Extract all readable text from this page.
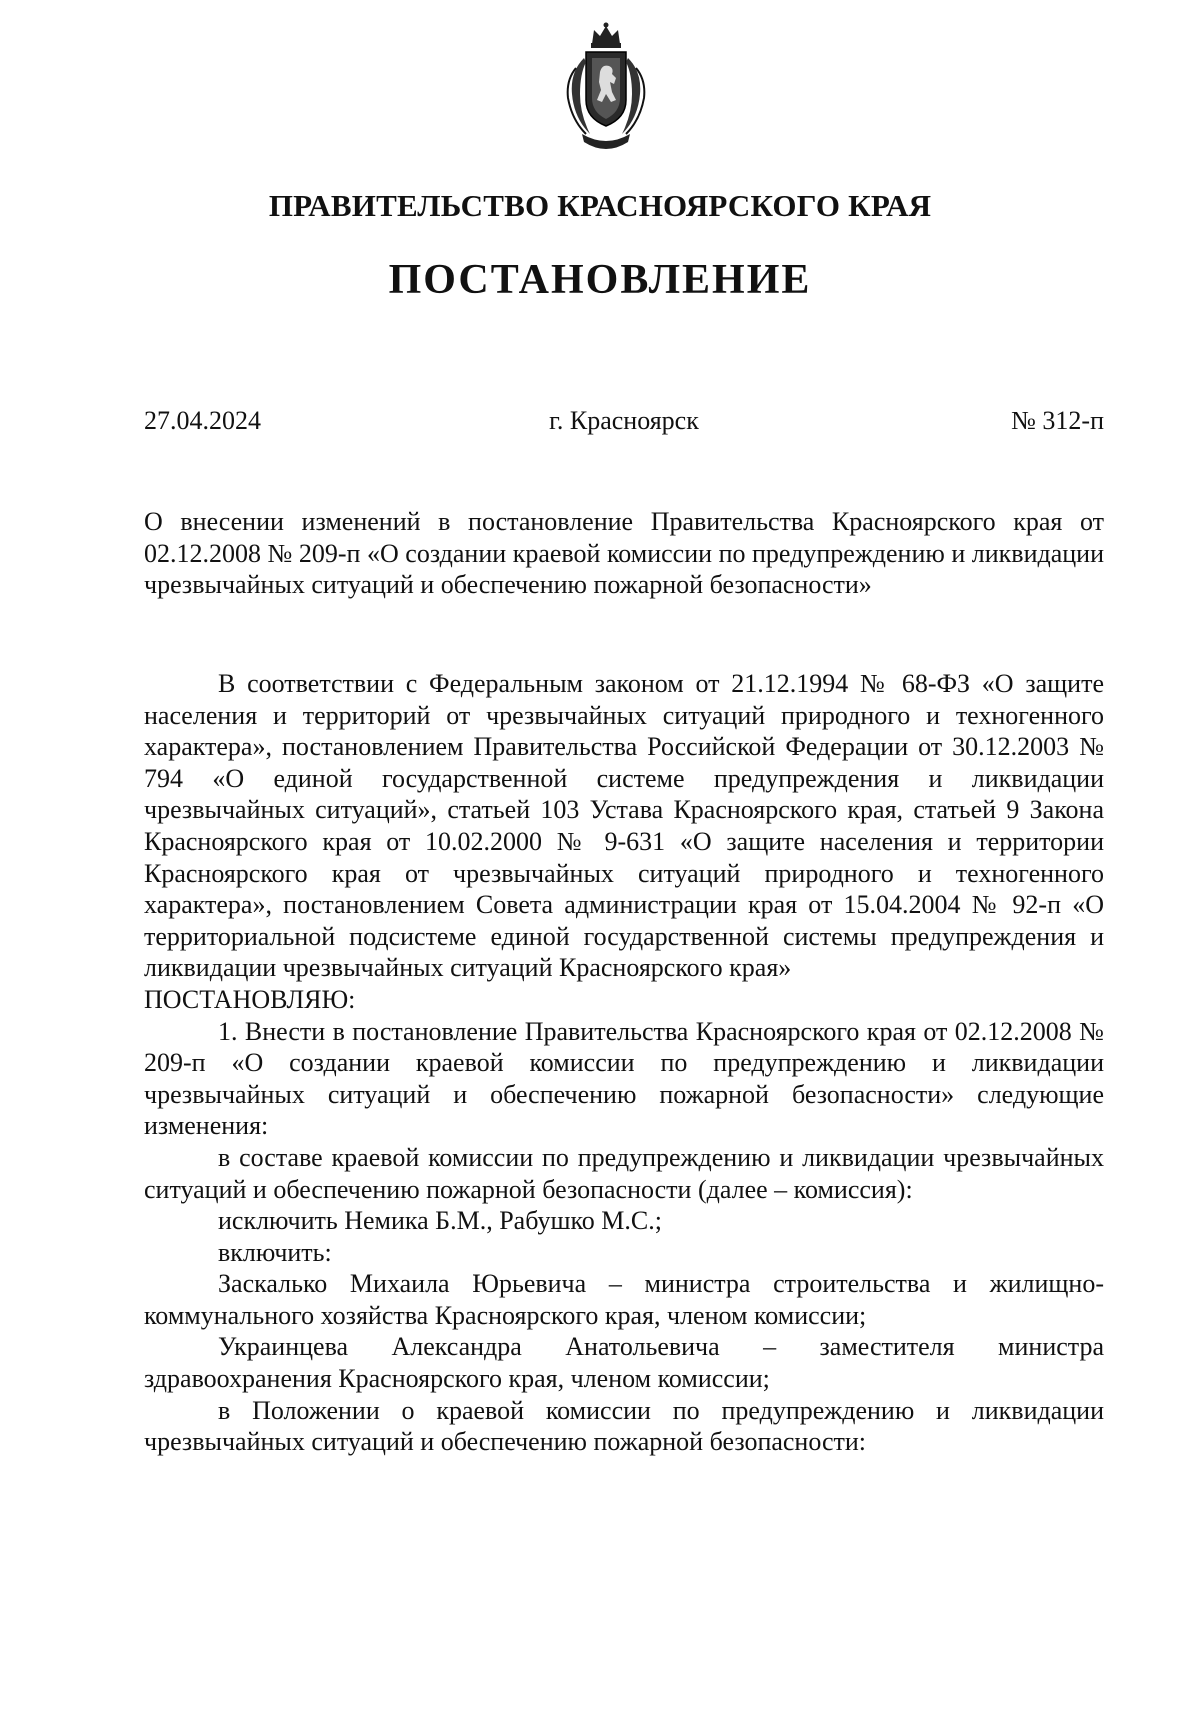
ПРАВИТЕЛЬСТВО КРАСНОЯРСКОГО КРАЯ
ПОСТАНОВЛЕНИЕ
г. Красноярск
27.04.2024	№ 312-п

О внесении изменений в постановление Правительства Красноярского края от 02.12.2008 № 209-п «О создании краевой комиссии по предупреждению и ликвидации чрезвычайных ситуаций и обеспечению пожарной безопасности»

В соответствии с Федеральным законом от 21.12.1994 № 68-ФЗ «О защите населения и территорий от чрезвычайных ситуаций природного и техногенного характера», постановлением Правительства Российской Федерации от 30.12.2003 № 794 «О единой государственной системе предупреждения и ликвидации чрезвычайных ситуаций», статьей 103 Устава Красноярского края, статьей 9 Закона Красноярского края от 10.02.2000 № 9-631 «О защите населения и территории Красноярского края от чрезвычайных ситуаций природного и техногенного характера», постановлением Совета администрации края от 15.04.2004 № 92-п «О территориальной подсистеме единой государственной системы предупреждения и ликвидации чрезвычайных ситуаций Красноярского края»

ПОСТАНОВЛЯЮ:

1. Внести в постановление Правительства Красноярского края от 02.12.2008 № 209-п «О создании краевой комиссии по предупреждению и ликвидации чрезвычайных ситуаций и обеспечению пожарной безопасности» следующие изменения:

в составе краевой комиссии по предупреждению и ликвидации чрезвычайных ситуаций и обеспечению пожарной безопасности (далее – комиссия):

исключить Немика Б.М., Рабушко М.С.;

включить:

Заскалько Михаила Юрьевича – министра строительства и жилищно-коммунального хозяйства Красноярского края, членом комиссии;

Украинцева Александра Анатольевича – заместителя министра здравоохранения Красноярского края, членом комиссии;

в Положении о краевой комиссии по предупреждению и ликвидации чрезвычайных ситуаций и обеспечению пожарной безопасности:
